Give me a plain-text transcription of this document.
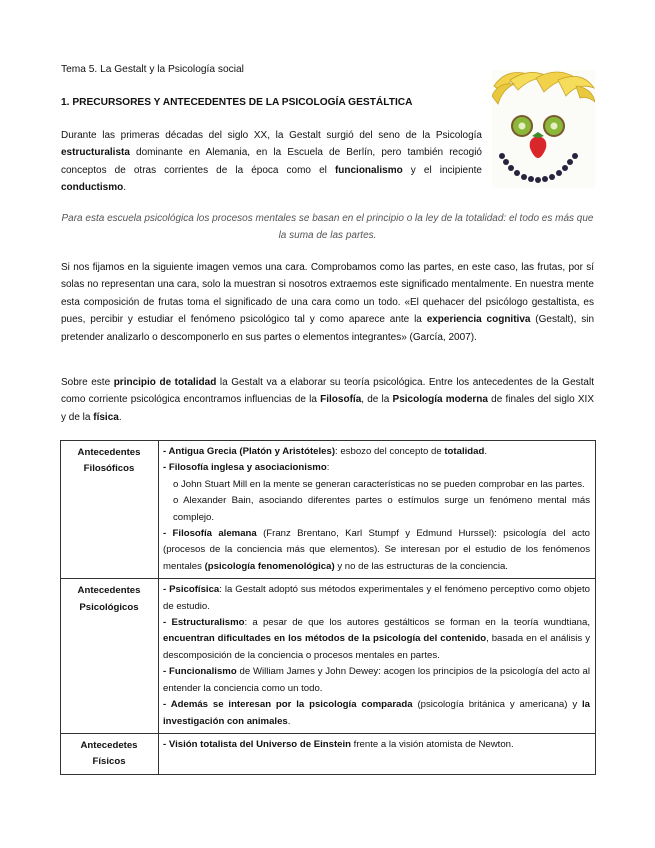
Tema 5. La Gestalt y la Psicología social
1. PRECURSORES Y ANTECEDENTES DE LA PSICOLOGÍA GESTÁLTICA

Durante las primeras décadas del siglo XX, la Gestalt surgió del seno de la Psicología estructuralista dominante en Alemania, en la Escuela de Berlín, pero también recogió conceptos de otras corrientes de la época como el funcionalismo y el incipiente conductismo.

Para esta escuela psicológica los procesos mentales se basan en el principio o la ley de la totalidad: el todo es más que la suma de las partes.

Si nos fijamos en la siguiente imagen vemos una cara. Comprobamos como las partes, en este caso, las frutas, por sí solas no representan una cara, solo la muestran si nosotros extraemos este significado mentalmente. En nuestra mente esta composición de frutas toma el significado de una cara como un todo. «El quehacer del psicólogo gestaltista, es pues, percibir y estudiar el fenómeno psicológico tal y como aparece ante la experiencia cognitiva (Gestalt), sin pretender analizarlo o descomponerlo en sus partes o elementos integrantes» (García, 2007).

Sobre este principio de totalidad la Gestalt va a elaborar su teoría psicológica. Entre los antecedentes de la Gestalt como corriente psicológica encontramos influencias de la Filosofía, de la Psicología moderna de finales del siglo XIX y de la física.

Antecedentes
Filosóficos	- Antigua Grecia (Platón y Aristóteles): esbozo del concepto de totalidad.
- Filosofía inglesa y asociacionismo:
o John Stuart Mill en la mente se generan características no se pueden comprobar en las partes.
o Alexander Bain, asociando diferentes partes o estímulos surge un fenómeno mental más complejo.
- Filosofía alemana (Franz Brentano, Karl Stumpf y Edmund Hurssel): psicología del acto (procesos de la conciencia más que elementos). Se interesan por el estudio de los fenómenos mentales (psicología fenomenológica) y no de las estructuras de la conciencia.

Antecedentes
Psicológicos	- Psicofísica: la Gestalt adoptó sus métodos experimentales y el fenómeno perceptivo como objeto de estudio.
- Estructuralismo: a pesar de que los autores gestálticos se forman en la teoría wundtiana, encuentran dificultades en los métodos de la psicología del contenido, basada en el análisis y descomposición de la conciencia o procesos mentales en partes.
- Funcionalismo de William James y John Dewey: acogen los principios de la psicología del acto al entender la conciencia como un todo.
- Además se interesan por la psicología comparada (psicología británica y americana) y la investigación con animales.

Antecedetes
Físicos	- Visión totalista del Universo de Einstein frente a la visión atomista de Newton.
